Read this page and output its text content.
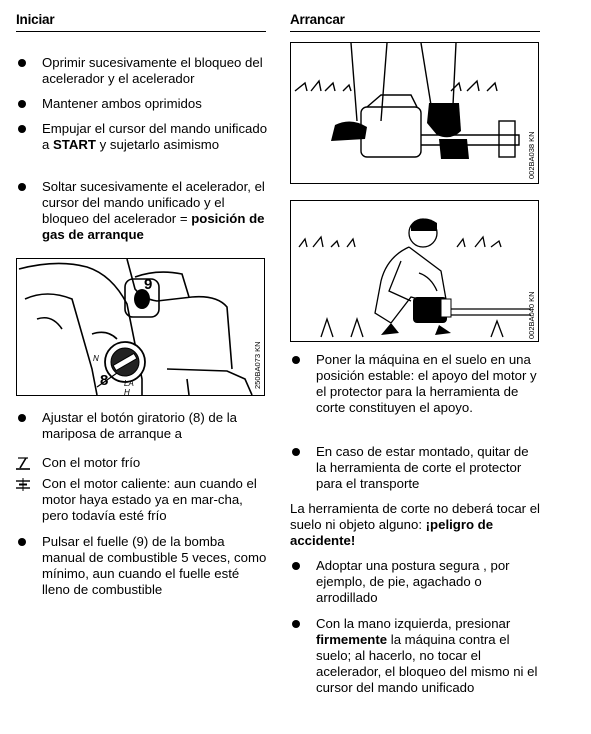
Iniciar
Oprimir sucesivamente el bloqueo del acelerador y el acelerador
Mantener ambos oprimidos
Empujar el cursor del mando unificado a START y sujetarlo asimismo
Soltar sucesivamente el acelerador, el cursor del mando unificado y el bloqueo del acelerador = posición de gas de arranque
9
8
N
LA
H
250BA073 KN
Ajustar el botón giratorio (8) de la mariposa de arranque a
Con el motor frío
Con el motor caliente: aun cuando el motor haya estado ya en mar-cha, pero todavía esté frío
Pulsar el fuelle (9) de la bomba manual de combustible 5 veces, como mínimo, aun cuando el fuelle esté lleno de combustible
Arrancar
002BA038 KN
002BA040 KN
Poner la máquina en el suelo en una posición estable: el apoyo del motor y el protector para la herramienta de corte constituyen el apoyo.
En caso de estar montado, quitar de la herramienta de corte el protector para el transporte
La herramienta de corte no deberá tocar el suelo ni objeto alguno: ¡peligro de accidente!
Adoptar una postura segura , por ejemplo, de pie, agachado o arrodillado
Con la mano izquierda, presionar firmemente la máquina contra el suelo; al hacerlo, no tocar el acelerador, el bloqueo del mismo ni el cursor del mando unificado
